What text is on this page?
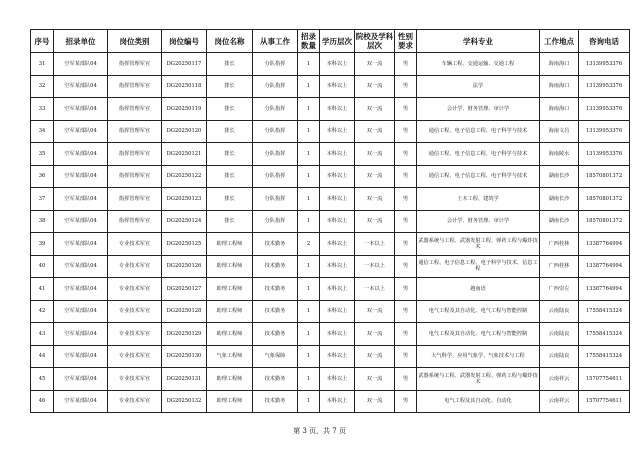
序号	招录单位	岗位类别	岗位编号	岗位名称	从事工作	招录数量	学历层次	院校及学科层次	性别要求	学科专业	工作地点	咨询电话
31	空军某部队04	指挥管理军官	DG20250117	排长	分队指挥	1	本科以上	双一流	男	车辆工程、交通运输、交通工程	海南海口	13139953376
32	空军某部队04	指挥管理军官	DG20250118	排长	分队指挥	1	本科以上	双一流	男	法学	海南海口	13139953376
33	空军某部队04	指挥管理军官	DG20250119	排长	分队指挥	1	本科以上	双一流	男	会计学、财务管理、审计学	海南海口	13139953376
34	空军某部队04	指挥管理军官	DG20250120	排长	分队指挥	1	本科以上	双一流	男	通信工程、电子信息工程、电子科学与技术	海南文昌	13139953376
35	空军某部队04	指挥管理军官	DG20250121	排长	分队指挥	1	本科以上	双一流	男	通信工程、电子信息工程、电子科学与技术	海南陵水	13139953376
36	空军某部队04	指挥管理军官	DG20250122	排长	分队指挥	1	本科以上	双一流	男	通信工程、电子信息工程、电子科学与技术	湖南长沙	18570801372
37	空军某部队04	指挥管理军官	DG20250123	排长	分队指挥	1	本科以上	双一流	男	土木工程、建筑学	湖南长沙	18570801372
38	空军某部队04	指挥管理军官	DG20250124	排长	分队指挥	1	本科以上	双一流	男	会计学、财务管理、审计学	湖南长沙	18570801372
39	空军某部队04	专业技术军官	DG20250125	助理工程师	技术勤务	2	本科以上	一本以上	男	武器系统与工程、武器发射工程、弹药工程与爆炸技术	广西桂林	13387764994
40	空军某部队04	专业技术军官	DG20250126	助理工程师	技术勤务	1	本科以上	一本以上	男	通信工程、电子信息工程、电子科学与技术、信息工程	广西桂林	13387764994
41	空军某部队04	专业技术军官	DG20250127	助理工程师	技术勤务	1	本科以上	一本以上	男	越南语	广西崇左	13387764994
42	空军某部队04	专业技术军官	DG20250128	助理工程师	技术勤务	1	本科以上	双一流	男	电气工程及其自动化、电气工程与智能控制	云南陆良	17558415324
43	空军某部队04	专业技术军官	DG20250129	助理工程师	技术勤务	1	本科以上	双一流	男	电气工程及其自动化、电气工程与智能控制	云南陆良	17558415324
44	空军某部队04	专业技术军官	DG20250130	气象工程师	气象保障	1	本科以上	双一流	男	大气科学、应用气象学、气象技术与工程	云南陆良	17558415324
45	空军某部队04	专业技术军官	DG20250131	助理工程师	技术勤务	1	本科以上	双一流	男	武器系统与工程、武器发射工程、弹药工程与爆炸技术	云南祥云	15707754611
46	空军某部队04	专业技术军官	DG20250132	助理工程师	技术勤务	1	本科以上	双一流	男	电气工程及其自动化、自动化	云南祥云	15707754611
第 3 页，共 7 页
